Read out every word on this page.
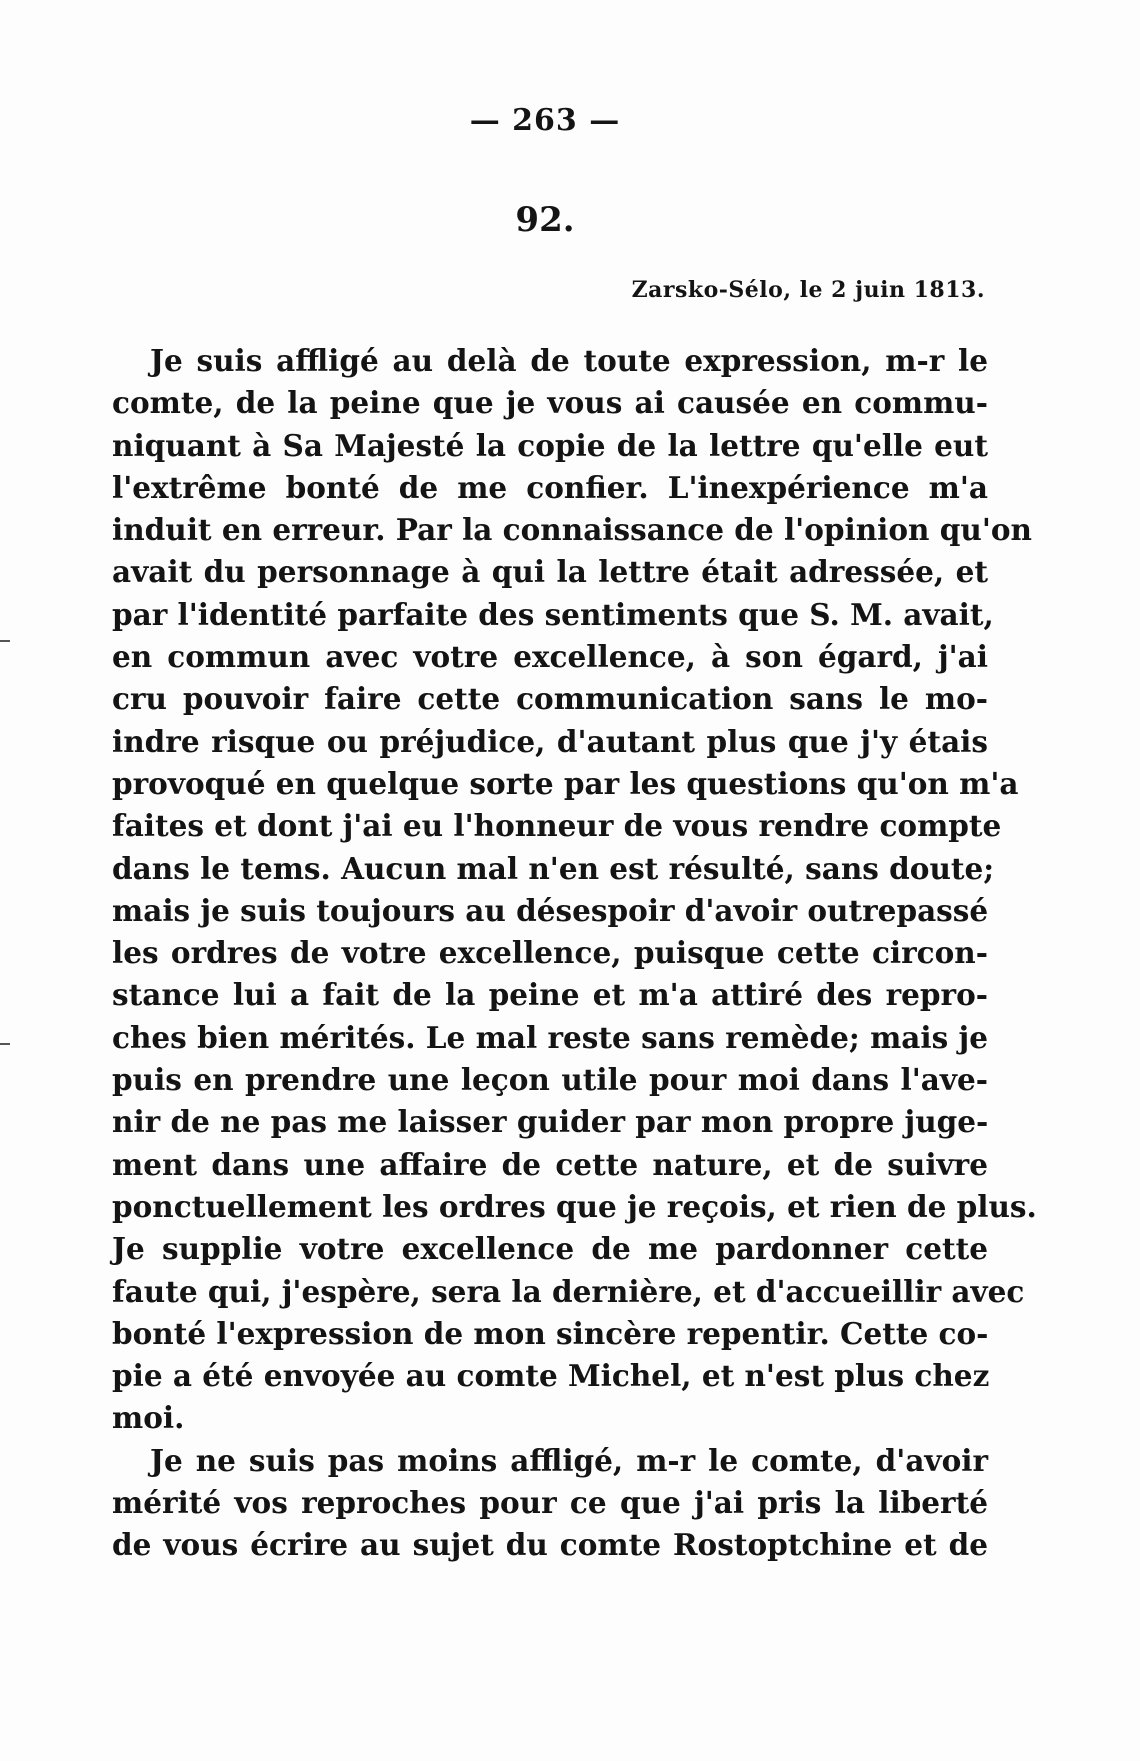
— 263 —
92.
Zarsko-Sélo, le 2 juin 1813.
Je suis affligé au delà de toute expression, m-r le
comte, de la peine que je vous ai causée en commu-
niquant à Sa Majesté la copie de la lettre qu'elle eut
l'extrême bonté de me confier. L'inexpérience m'a
induit en erreur. Par la connaissance de l'opinion qu'on
avait du personnage à qui la lettre était adressée, et
par l'identité parfaite des sentiments que S. M. avait,
en commun avec votre excellence, à son égard, j'ai
cru pouvoir faire cette communication sans le mo-
indre risque ou préjudice, d'autant plus que j'y étais
provoqué en quelque sorte par les questions qu'on m'a
faites et dont j'ai eu l'honneur de vous rendre compte
dans le tems. Aucun mal n'en est résulté, sans doute;
mais je suis toujours au désespoir d'avoir outrepassé
les ordres de votre excellence, puisque cette circon-
stance lui a fait de la peine et m'a attiré des repro-
ches bien mérités. Le mal reste sans remède; mais je
puis en prendre une leçon utile pour moi dans l'ave-
nir de ne pas me laisser guider par mon propre juge-
ment dans une affaire de cette nature, et de suivre
ponctuellement les ordres que je reçois, et rien de plus.
Je supplie votre excellence de me pardonner cette
faute qui, j'espère, sera la dernière, et d'accueillir avec
bonté l'expression de mon sincère repentir. Cette co-
pie a été envoyée au comte Michel, et n'est plus chez
moi.
Je ne suis pas moins affligé, m-r le comte, d'avoir
mérité vos reproches pour ce que j'ai pris la liberté
de vous écrire au sujet du comte Rostoptchine et de
